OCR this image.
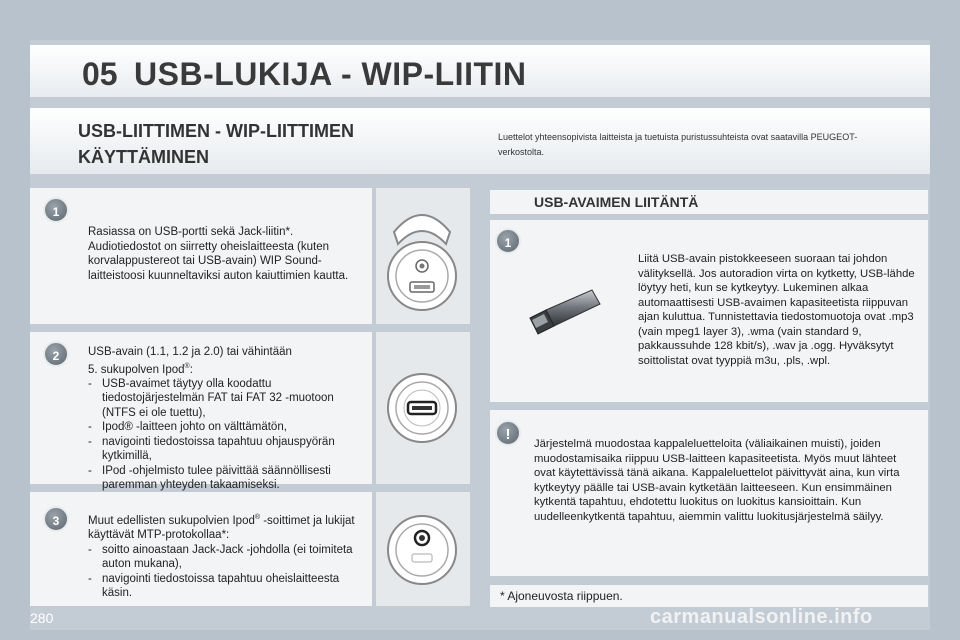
05 USB-LUKIJA - WIP-LIITIN
USB-LIITTIMEN - WIP-LIITTIMEN KÄYTTÄMINEN
Luettelot yhteensopivista laitteista ja tuetuista puristussuhteista ovat saatavilla PEUGEOT-verkostolta.
1
Rasiassa on USB-portti sekä Jack-liitin*.
Audiotiedostot on siirretty oheislaitteesta (kuten korvalappustereot tai USB-avain) WIP Sound-laitteistoosi kuunneltaviksi auton kaiuttimien kautta.
2	USB-avain (1.1, 1.2 ja 2.0) tai vähintään
5. sukupolven Ipod®:
- USB-avaimet täytyy olla koodattu tiedostojärjestelmän FAT tai FAT 32 -muotoon (NTFS ei ole tuettu),
- Ipod® -laitteen johto on välttämätön,
- navigointi tiedostoissa tapahtuu ohjauspyörän kytkimillä,
- IPod -ohjelmisto tulee päivittää säännöllisesti paremman yhteyden takaamiseksi.
3	Muut edellisten sukupolvien Ipod® -soittimet ja lukijat käyttävät MTP-protokollaa*:
- soitto ainoastaan Jack-Jack -johdolla (ei toimiteta auton mukana),
- navigointi tiedostoissa tapahtuu oheislaitteesta käsin.
USB-AVAIMEN LIITÄNTÄ
1
Liitä USB-avain pistokkeeseen suoraan tai johdon välityksellä. Jos autoradion virta on kytketty, USB-lähde löytyy heti, kun se kytkeytyy. Lukeminen alkaa automaattisesti USB-avaimen kapasiteetista riippuvan ajan kuluttua. Tunnistettavia tiedostomuotoja ovat .mp3 (vain mpeg1 layer 3), .wma (vain standard 9, pakkaussuhde 128 kbit/s), .wav ja .ogg. Hyväksytyt soittolistat ovat tyyppiä m3u, .pls, .wpl.
!
Järjestelmä muodostaa kappaleluetteloita (väliaikainen muisti), joiden muodostamisaika riippuu USB-laitteen kapasiteetista. Myös muut lähteet ovat käytettävissä tänä aikana. Kappaleluettelot päivittyvät aina, kun virta kytkeytyy päälle tai USB-avain kytketään laitteeseen. Kun ensimmäinen kytkentä tapahtuu, ehdotettu luokitus on luokitus kansioittain. Kun uudelleenkytkentä tapahtuu, aiemmin valittu luokitusjärjestelmä säilyy.
* Ajoneuvosta riippuen.
280	carmanualsonline.info
